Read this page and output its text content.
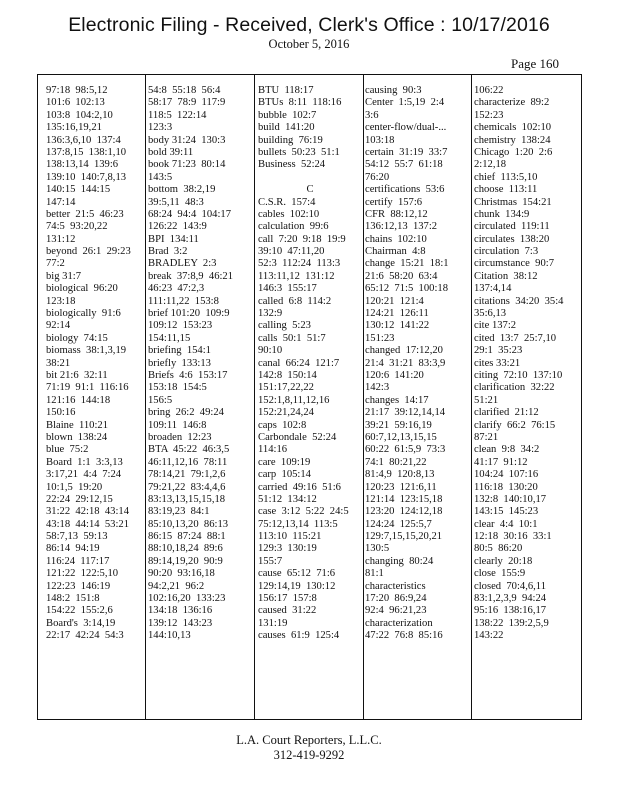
Electronic Filing - Received, Clerk's Office : 10/17/2016
October 5, 2016
Page 160
97:18  98:5,12
101:6  102:13
103:8  104:2,10
135:16,19,21
136:3,6,10  137:4
137:8,15  138:1,10
138:13,14  139:6
139:10  140:7,8,13
140:15  144:15
147:14
better  21:5  46:23
74:5  93:20,22
131:12
beyond  26:1  29:23
77:2
big 31:7
biological  96:20
123:18
biologically  91:6
92:14
biology  74:15
biomass  38:1,3,19
38:21
bit 21:6  32:11
71:19  91:1  116:16
121:16  144:18
150:16
Blaine  110:21
blown  138:24
blue  75:2
Board  1:1  3:3,13
3:17,21  4:4  7:24
10:1,5  19:20
22:24  29:12,15
31:22  42:18  43:14
43:18  44:14  53:21
58:7,13  59:13
86:14  94:19
116:24  117:17
121:22  122:5,10
122:23  146:19
148:2  151:8
154:22  155:2,6
Board's  3:14,19
22:17  42:24  54:3
54:8  55:18  56:4
58:17  78:9  117:9
118:5  122:14
123:3
body 31:24  130:3
bold 39:11
book 71:23  80:14
143:5
bottom  38:2,19
39:5,11  48:3
68:24  94:4  104:17
126:22  143:9
BPI  134:11
Brad  3:2
BRADLEY  2:3
break  37:8,9  46:21
46:23  47:2,3
111:11,22  153:8
brief 101:20  109:9
109:12  153:23
154:11,15
briefing  154:1
briefly  133:13
Briefs  4:6  153:17
153:18  154:5
156:5
bring  26:2  49:24
109:11  146:8
broaden  12:23
BTA  45:22  46:3,5
46:11,12,16  78:11
78:14,21  79:1,2,6
79:21,22  83:4,4,6
83:13,13,15,15,18
83:19,23  84:1
85:10,13,20  86:13
86:15  87:24  88:1
88:10,18,24  89:6
89:14,19,20  90:9
90:20  93:16,18
94:2,21  96:2
102:16,20  133:23
134:18  136:16
139:12  143:23
144:10,13
BTU  118:17
BTUs  8:11  118:16
bubble  102:7
build  141:20
building  76:19
bullets  50:23  51:1
Business  52:24
C
C.S.R.  157:4
cables  102:10
calculation  99:6
call  7:20  9:18  19:9
39:10  47:11,20
52:3  112:24  113:3
113:11,12  131:12
146:3  155:17
called  6:8  114:2
132:9
calling  5:23
calls  50:1  51:7
90:10
canal  66:24  121:7
142:8  150:14
151:17,22,22
152:1,8,11,12,16
152:21,24,24
caps  102:8
Carbondale  52:24
114:16
care  109:19
carp  105:14
carried  49:16  51:6
51:12  134:12
case  3:12  5:22  24:5
75:12,13,14  113:5
113:10  115:21
129:3  130:19
155:7
cause  65:12  71:6
129:14,19  130:12
156:17  157:8
caused  31:22
131:19
causes  61:9  125:4
causing  90:3
Center  1:5,19  2:4
3:6
center-flow/dual-...
103:18
certain  31:19  33:7
54:12  55:7  61:18
76:20
certifications  53:6
certify  157:6
CFR  88:12,12
136:12,13  137:2
chains  102:10
Chairman  4:8
change  15:21  18:1
21:6  58:20  63:4
65:12  71:5  100:18
120:21  121:4
124:21  126:11
130:12  141:22
151:23
changed  17:12,20
21:4  31:21  83:3,9
120:6  141:20
142:3
changes  14:17
21:17  39:12,14,14
39:21  59:16,19
60:7,12,13,15,15
60:22  61:5,9  73:3
74:1  80:21,22
81:4,9  120:8,13
120:23  121:6,11
121:14  123:15,18
123:20  124:12,18
124:24  125:5,7
129:7,15,15,20,21
130:5
changing  80:24
81:1
characteristics
17:20  86:9,24
92:4  96:21,23
characterization
47:22  76:8  85:16
106:22
characterize  89:2
152:23
chemicals  102:10
chemistry  138:24
Chicago  1:20  2:6
2:12,18
chief  113:5,10
choose  113:11
Christmas  154:21
chunk  134:9
circulated  119:11
circulates  138:20
circulation  7:3
circumstance  90:7
Citation  38:12
137:4,14
citations  34:20  35:4
35:6,13
cite 137:2
cited  13:7  25:7,10
29:1  35:23
cites 33:21
citing  72:10  137:10
clarification  32:22
51:21
clarified  21:12
clarify  66:2  76:15
87:21
clean  9:8  34:2
41:17  91:12
104:24  107:16
116:18  130:20
132:8  140:10,17
143:15  145:23
clear  4:4  10:1
12:18  30:16  33:1
80:5  86:20
clearly  20:18
close  155:9
closed  70:4,6,11
83:1,2,3,9  94:24
95:16  138:16,17
138:22  139:2,5,9
143:22
L.A. Court Reporters, L.L.C.
312-419-9292
